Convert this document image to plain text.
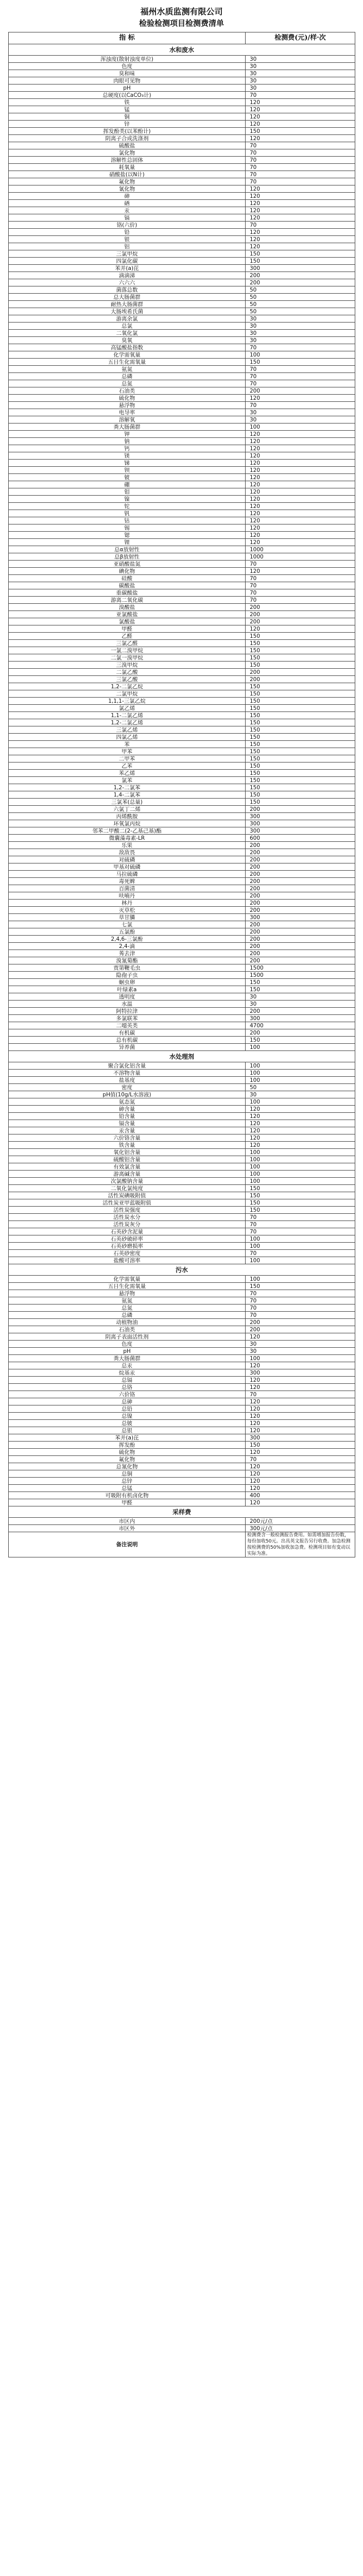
福州水质监测有限公司
检验检测项目检测费清单
指 标	检测费(元)/样·次
水和废水	
浑浊度(散射浊度单位)	30
色度	30
臭和味	30
肉眼可见物	30
pH	30
总硬度(以CaCO₃计)	70
铁	120
锰	120
铜	120
锌	120
挥发酚类(以苯酚计)	150
阴离子合成洗涤剂	120
硫酸盐	70
氯化物	70
溶解性总固体	70
耗氧量	70
硝酸盐(以N计)	70
氟化物	70
氰化物	120
砷	120
硒	120
汞	120
镉	120
铬(六价)	70
铅	120
银	120
铝	120
三氯甲烷	150
四氯化碳	150
苯并(a)芘	300
滴滴涕	200
六六六	200
菌落总数	50
总大肠菌群	50
耐热大肠菌群	50
大肠埃希氏菌	50
游离余氯	30
总氯	30
二氧化氯	30
臭氧	30
高锰酸盐指数	70
化学需氧量	100
五日生化需氧量	150
氨氮	70
总磷	70
总氮	70
石油类	200
硫化物	120
悬浮物	70
电导率	30
溶解氧	30
粪大肠菌群	100
钾	120
钠	120
钙	120
镁	120
锑	120
钡	120
铍	120
硼	120
钼	120
镍	120
铊	120
钒	120
钴	120
锡	120
锶	120
锂	120
总α放射性	1000
总β放射性	1000
亚硝酸盐氮	70
碘化物	120
硅酸	70
碳酸盐	70
重碳酸盐	70
游离二氧化碳	70
溴酸盐	200
亚氯酸盐	200
氯酸盐	200
甲醛	120
乙醛	150
三氯乙醛	150
一氯二溴甲烷	150
二氯一溴甲烷	150
三溴甲烷	150
二氯乙酸	200
三氯乙酸	200
1,2-二氯乙烷	150
二氯甲烷	150
1,1,1-三氯乙烷	150
氯乙烯	150
1,1-二氯乙烯	150
1,2-二氯乙烯	150
三氯乙烯	150
四氯乙烯	150
苯	150
甲苯	150
二甲苯	150
乙苯	150
苯乙烯	150
氯苯	150
1,2-二氯苯	150
1,4-二氯苯	150
三氯苯(总量)	150
六氯丁二烯	200
丙烯酰胺	300
环氧氯丙烷	300
邻苯二甲酸二(2-乙基己基)酯	300
微囊藻毒素-LR	600
乐果	200
敌敌畏	200
对硫磷	200
甲基对硫磷	200
马拉硫磷	200
毒死蜱	200
百菌清	200
呋喃丹	200
林丹	200
灭草松	200
草甘膦	300
七氯	200
五氯酚	200
2,4,6-三氯酚	200
2,4-滴	200
莠去津	200
溴氰菊酯	200
贾第鞭毛虫	1500
隐孢子虫	1500
蛔虫卵	150
叶绿素a	150
透明度	30
水温	30
阿特拉津	200
多氯联苯	300
二噁英类	4700
有机碳	200
总有机碳	150
异养菌	100
水处理剂	
聚合氯化铝含量	100
不溶物含量	100
盐基度	100
密度	50
pH值(10g/L水溶液)	30
氨态氮	100
砷含量	120
铅含量	120
镉含量	120
汞含量	120
六价铬含量	120
铁含量	120
氧化铝含量	100
硫酸铝含量	100
有效氯含量	100
游离碱含量	100
次氯酸钠含量	100
二氧化氯纯度	150
活性炭碘吸附值	150
活性炭亚甲蓝吸附值	150
活性炭强度	150
活性炭水分	70
活性炭灰分	70
石英砂含泥量	70
石英砂破碎率	100
石英砂磨损率	100
石英砂密度	70
盐酸可溶率	100
污水	
化学需氧量	100
五日生化需氧量	150
悬浮物	70
氨氮	70
总氮	70
总磷	70
动植物油	200
石油类	200
阴离子表面活性剂	120
色度	30
pH	30
粪大肠菌群	100
总汞	120
烷基汞	300
总镉	120
总铬	120
六价铬	70
总砷	120
总铅	120
总镍	120
总铍	120
总银	120
苯并(a)芘	300
挥发酚	150
硫化物	120
氟化物	70
总氰化物	120
总铜	120
总锌	120
总锰	120
可吸附有机卤化物	400
甲醛	120
采样费	
市区内	200元/点
市区外	300元/点
备注说明	检测费含一般检测报告费用。如需增加报告份数，每份加收50元。出具英文报告另行收费。加急检测按检测费的50%加收加急费。检测项目如有变动以实际为准。
